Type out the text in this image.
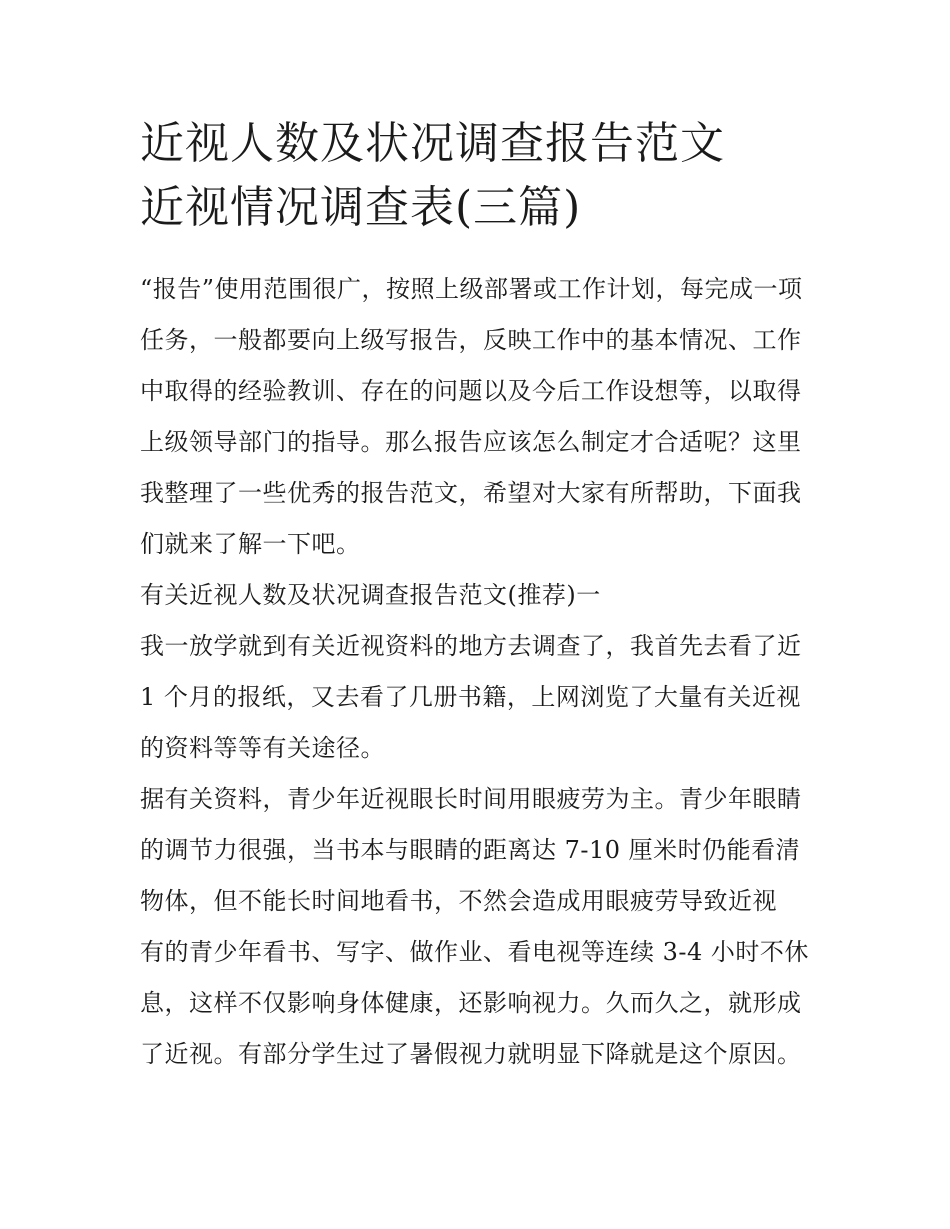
近视人数及状况调查报告范文
近视情况调查表(三篇)
“报告”使用范围很广，按照上级部署或工作计划，每完成一项
任务，一般都要向上级写报告，反映工作中的基本情况、工作
中取得的经验教训、存在的问题以及今后工作设想等，以取得
上级领导部门的指导。那么报告应该怎么制定才合适呢？这里
我整理了一些优秀的报告范文，希望对大家有所帮助，下面我
们就来了解一下吧。
有关近视人数及状况调查报告范文(推荐)一
我一放学就到有关近视资料的地方去调查了，我首先去看了近
1 个月的报纸，又去看了几册书籍，上网浏览了大量有关近视
的资料等等有关途径。
据有关资料，青少年近视眼长时间用眼疲劳为主。青少年眼睛
的调节力很强，当书本与眼睛的距离达 7-10 厘米时仍能看清
物体，但不能长时间地看书，不然会造成用眼疲劳导致近视
有的青少年看书、写字、做作业、看电视等连续 3-4 小时不休
息，这样不仅影响身体健康，还影响视力。久而久之，就形成
了近视。有部分学生过了暑假视力就明显下降就是这个原因。
